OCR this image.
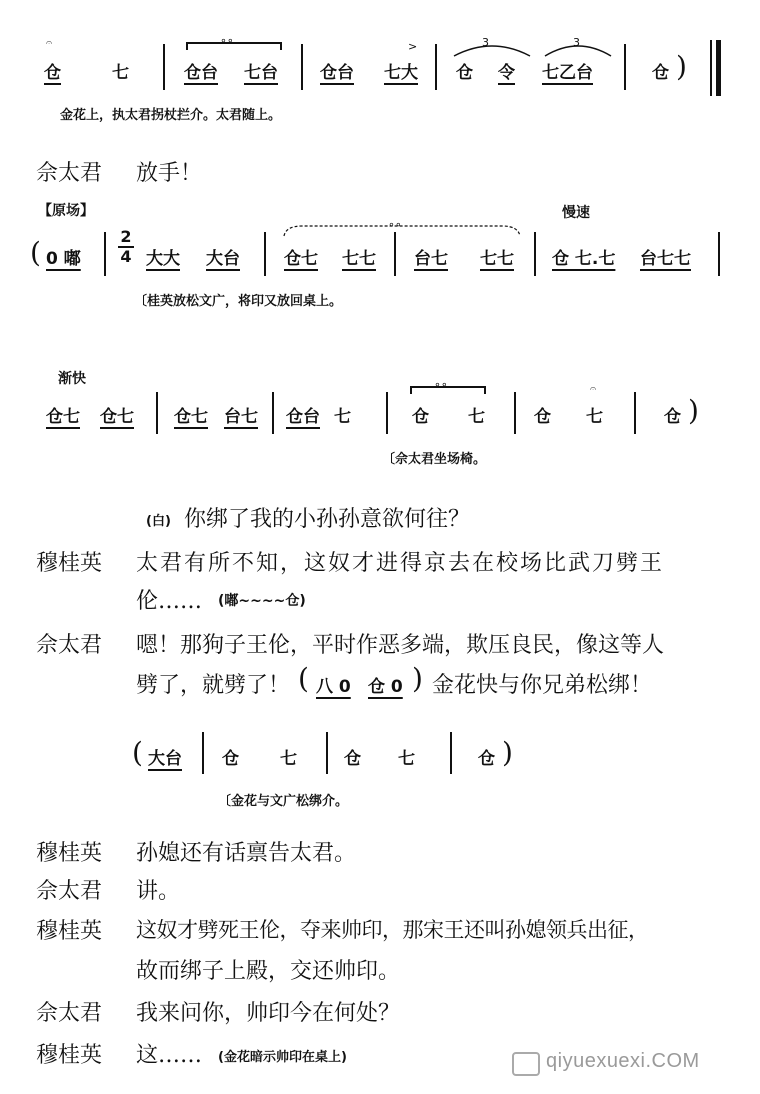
𝄐
仓	七
∘∘
仓台 七台 仓台
>
七大
3
仓 令
3
七乙台	仓 )
金花上，执太君拐杖拦介。太君随上。
佘太君 放手！
【原场】	慢速
( 0 嘟
2
4 大大 大台
∘∘
仓七 七七 台七 七七 仓 七.七 台七七
〔桂英放松文广，将印又放回桌上。
渐快
仓七 仓七 仓七 台七 仓台 七
∘∘
仓 七	仓
𝄐
七	仓 )
〔佘太君坐场椅。
(白) 你绑了我的小孙孙意欲何往？
穆桂英 太君有所不知，这奴才进得京去在校场比武刀劈王
伦…… (嘟~~~~仓)
佘太君 嗯！那狗子王伦，平时作恶多端，欺压良民，像这等人
劈了，就劈了！ ( 八 0 仓 0 ) 金花快与你兄弟松绑！
( 大台 仓 七	仓 七	仓 )
〔金花与文广松绑介。
穆桂英 孙媳还有话禀告太君。
佘太君 讲。
穆桂英 这奴才劈死王伦，夺来帅印，那宋王还叫孙媳领兵出征，
故而绑子上殿，交还帅印。
佘太君 我来问你，帅印今在何处？
穆桂英 这…… (金花暗示帅印在桌上)	qiyuexuexi.COM
